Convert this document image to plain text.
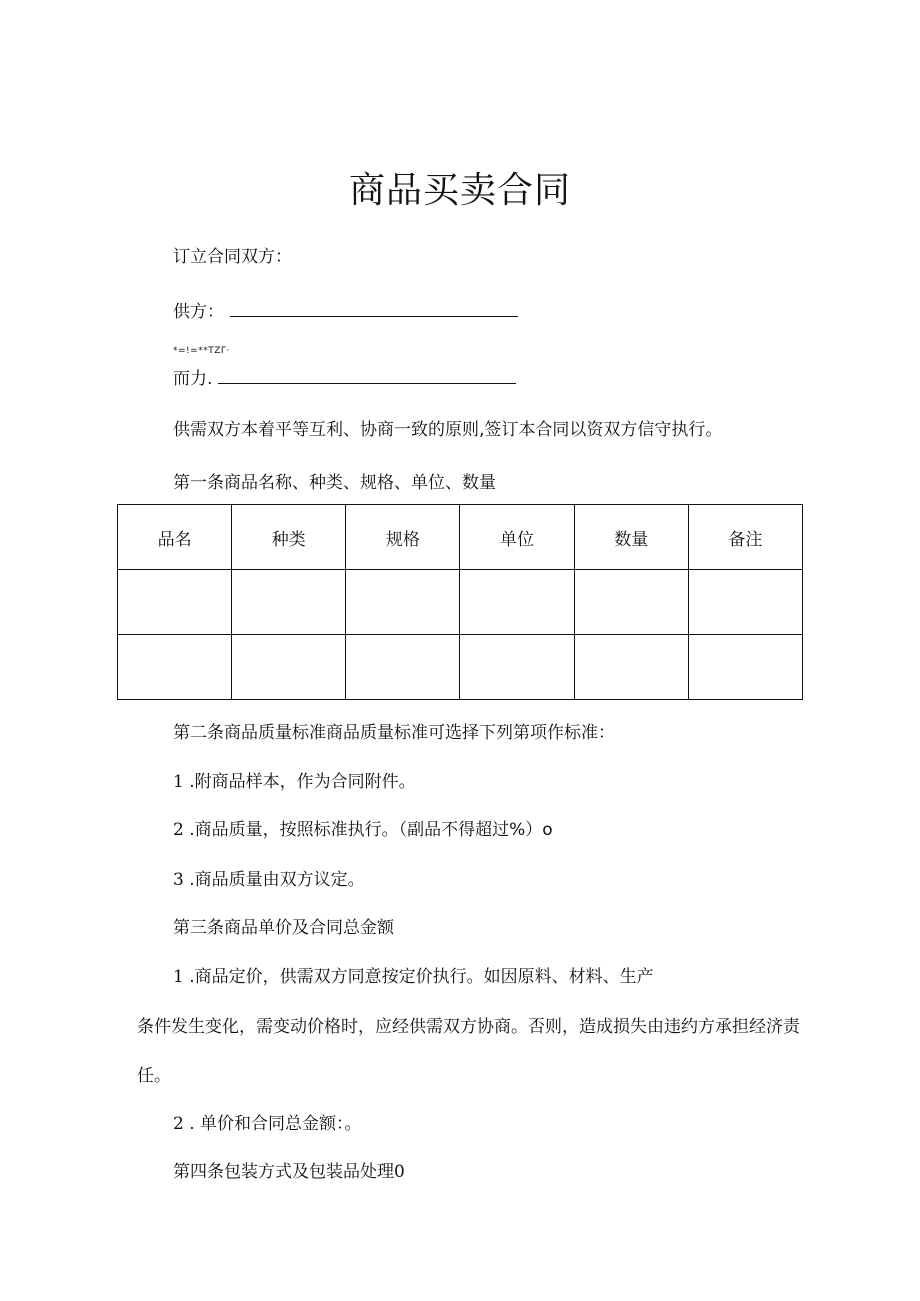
商品买卖合同
订立合同双方：
供方：
*=!=**TZΓ·
而力.
供需双方本着平等互利、协商一致的原则,签订本合同以资双方信守执行。
第一条商品名称、种类、规格、单位、数量
品名	种类	规格	单位	数量	备注

第二条商品质量标准商品质量标准可选择下列第项作标准：
1 .附商品样本，作为合同附件。
2 .商品质量，按照标准执行。（副品不得超过%）o
3 .商品质量由双方议定。
第三条商品单价及合同总金额
1 .商品定价，供需双方同意按定价执行。如因原料、材料、生产
条件发生变化，需变动价格时，应经供需双方协商。否则，造成损失由违约方承担经济责
任。
2 . 单价和合同总金额：。
第四条包装方式及包装品处理0
